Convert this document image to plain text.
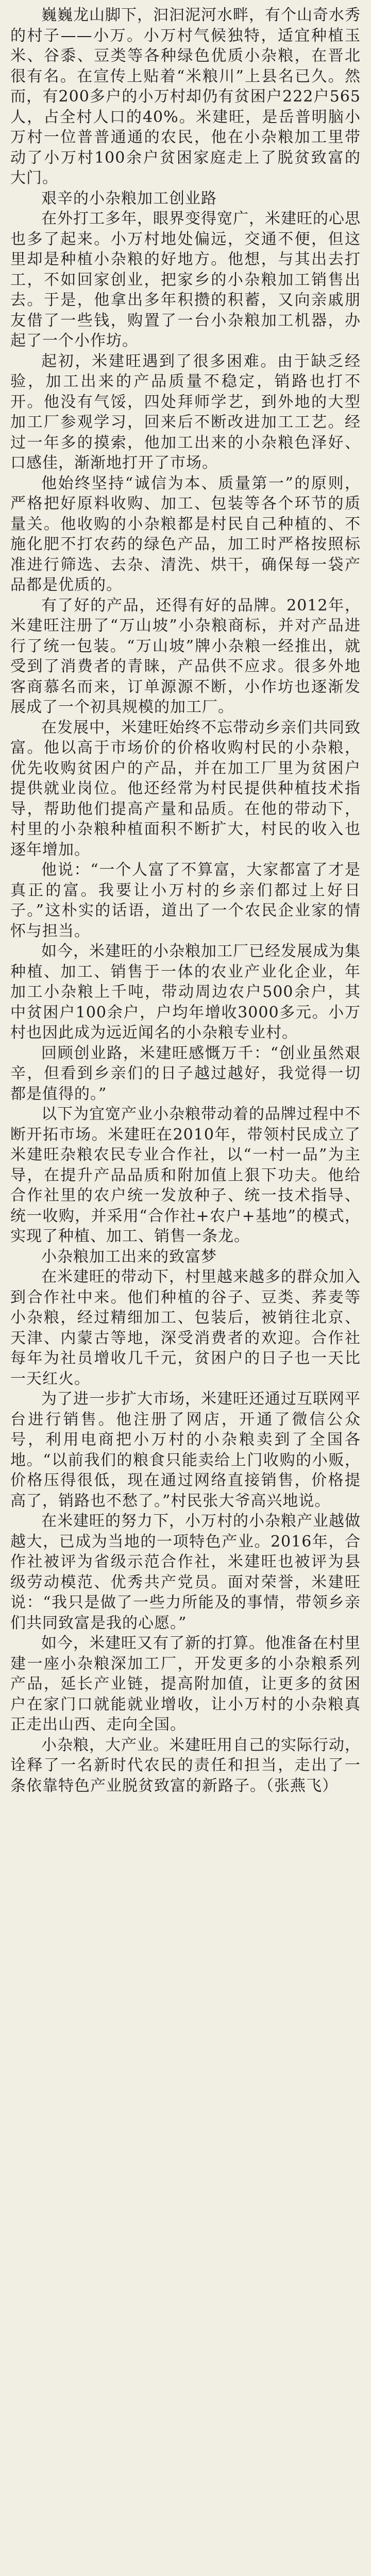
巍巍龙山脚下，汩汩泥河水畔，有个山奇水秀的村子——小万。小万村气候独特，适宜种植玉米、谷黍、豆类等各种绿色优质小杂粮，在晋北很有名。在宣传上贴着“米粮川”上县名已久。然而，有200多户的小万村却仍有贫困户222户565人，占全村人口的40%。米建旺，是岳普明脑小万村一位普普通通的农民，他在小杂粮加工里带动了小万村100余户贫困家庭走上了脱贫致富的大门。

艰辛的小杂粮加工创业路

在外打工多年，眼界变得宽广，米建旺的心思也多了起来。小万村地处偏远，交通不便，但这里却是种植小杂粮的好地方。他想，与其出去打工，不如回家创业，把家乡的小杂粮加工销售出去。于是，他拿出多年积攒的积蓄，又向亲戚朋友借了一些钱，购置了一台小杂粮加工机器，办起了一个小作坊。

起初，米建旺遇到了很多困难。由于缺乏经验，加工出来的产品质量不稳定，销路也打不开。他没有气馁，四处拜师学艺，到外地的大型加工厂参观学习，回来后不断改进加工工艺。经过一年多的摸索，他加工出来的小杂粮色泽好、口感佳，渐渐地打开了市场。

他始终坚持“诚信为本、质量第一”的原则，严格把好原料收购、加工、包装等各个环节的质量关。他收购的小杂粮都是村民自己种植的、不施化肥不打农药的绿色产品，加工时严格按照标准进行筛选、去杂、清洗、烘干，确保每一袋产品都是优质的。

有了好的产品，还得有好的品牌。2012年，米建旺注册了“万山坡”小杂粮商标，并对产品进行了统一包装。“万山坡”牌小杂粮一经推出，就受到了消费者的青睐，产品供不应求。很多外地客商慕名而来，订单源源不断，小作坊也逐渐发展成了一个初具规模的加工厂。

在发展中，米建旺始终不忘带动乡亲们共同致富。他以高于市场价的价格收购村民的小杂粮，优先收购贫困户的产品，并在加工厂里为贫困户提供就业岗位。他还经常为村民提供种植技术指导，帮助他们提高产量和品质。在他的带动下，村里的小杂粮种植面积不断扩大，村民的收入也逐年增加。

他说：“一个人富了不算富，大家都富了才是真正的富。我要让小万村的乡亲们都过上好日子。”这朴实的话语，道出了一个农民企业家的情怀与担当。

如今，米建旺的小杂粮加工厂已经发展成为集种植、加工、销售于一体的农业产业化企业，年加工小杂粮上千吨，带动周边农户500余户，其中贫困户100余户，户均年增收3000多元。小万村也因此成为远近闻名的小杂粮专业村。

回顾创业路，米建旺感慨万千：“创业虽然艰辛，但看到乡亲们的日子越过越好，我觉得一切都是值得的。”

以下为宜宽产业小杂粮带动着的品牌过程中不断开拓市场。米建旺在2010年，带领村民成立了米建旺杂粮农民专业合作社，以“一村一品”为主导，在提升产品品质和附加值上狠下功夫。他给合作社里的农户统一发放种子、统一技术指导、统一收购，并采用“合作社+农户+基地”的模式，实现了种植、加工、销售一条龙。

小杂粮加工出来的致富梦

在米建旺的带动下，村里越来越多的群众加入到合作社中来。他们种植的谷子、豆类、荞麦等小杂粮，经过精细加工、包装后，被销往北京、天津、内蒙古等地，深受消费者的欢迎。合作社每年为社员增收几千元，贫困户的日子也一天比一天红火。

为了进一步扩大市场，米建旺还通过互联网平台进行销售。他注册了网店，开通了微信公众号，利用电商把小万村的小杂粮卖到了全国各地。“以前我们的粮食只能卖给上门收购的小贩，价格压得很低，现在通过网络直接销售，价格提高了，销路也不愁了。”村民张大爷高兴地说。

在米建旺的努力下，小万村的小杂粮产业越做越大，已成为当地的一项特色产业。2016年，合作社被评为省级示范合作社，米建旺也被评为县级劳动模范、优秀共产党员。面对荣誉，米建旺说：“我只是做了一些力所能及的事情，带领乡亲们共同致富是我的心愿。”

如今，米建旺又有了新的打算。他准备在村里建一座小杂粮深加工厂，开发更多的小杂粮系列产品，延长产业链，提高附加值，让更多的贫困户在家门口就能就业增收，让小万村的小杂粮真正走出山西、走向全国。

小杂粮，大产业。米建旺用自己的实际行动，诠释了一名新时代农民的责任和担当，走出了一条依靠特色产业脱贫致富的新路子。（张燕飞）
